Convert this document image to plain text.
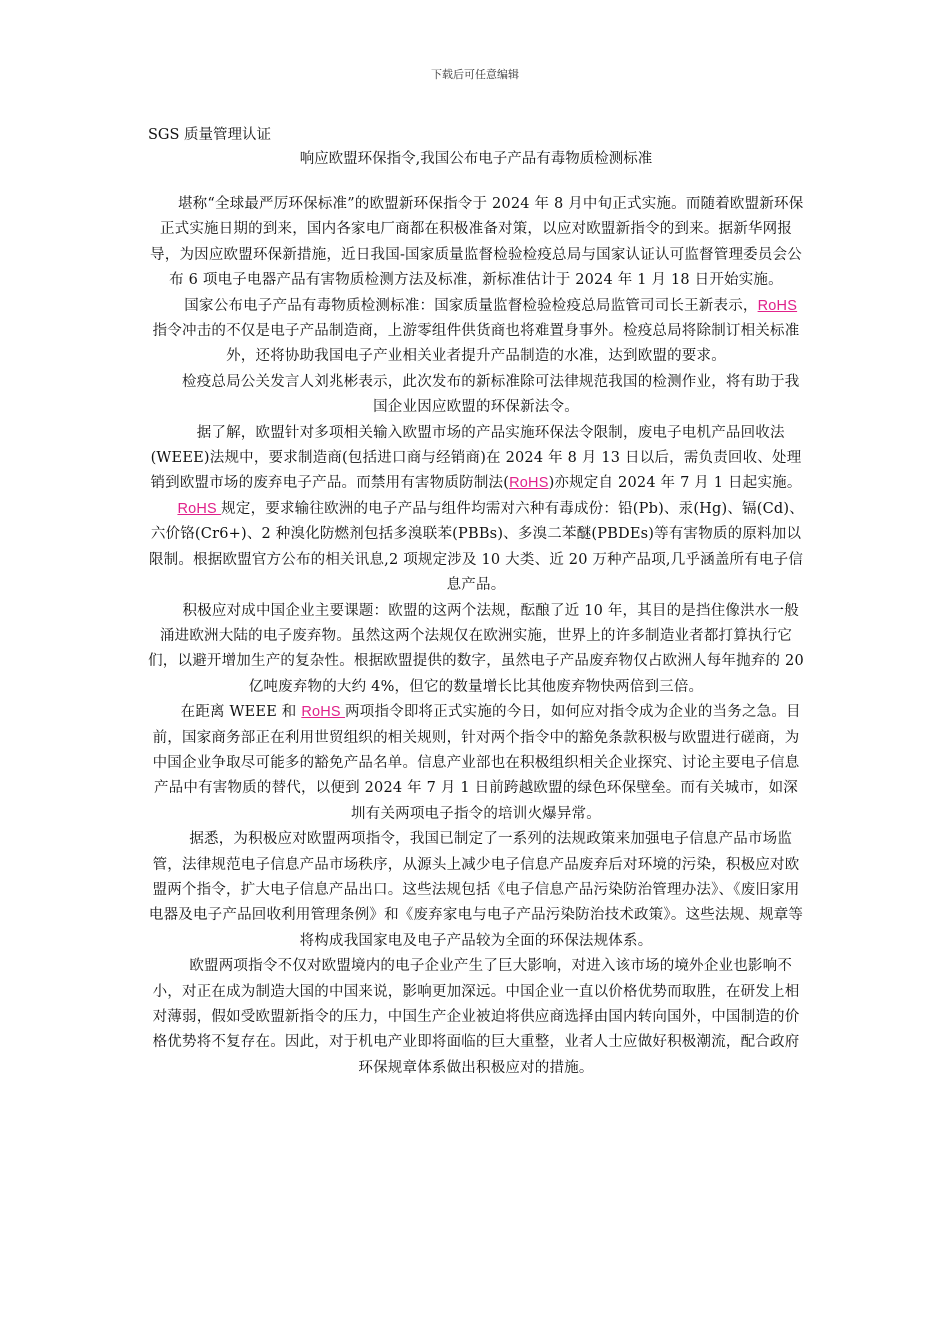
下载后可任意编辑

SGS 质量管理认证

响应欧盟环保指令,我国公布电子产品有毒物质检测标准

　　堪称“全球最严厉环保标准”的欧盟新环保指令于 2024 年 8 月中旬正式实施。而随着欧盟新环保正式实施日期的到来，国内各家电厂商都在积极准备对策，以应对欧盟新指令的到来。据新华网报导，为因应欧盟环保新措施，近日我国-国家质量监督检验检疫总局与国家认证认可监督管理委员会公布 6 项电子电器产品有害物质检测方法及标准，新标准估计于 2024 年 1 月 18 日开始实施。

　　国家公布电子产品有毒物质检测标准：国家质量监督检验检疫总局监管司司长王新表示，RoHS 指令冲击的不仅是电子产品制造商，上游零组件供货商也将难置身事外。检疫总局将除制订相关标准外，还将协助我国电子产业相关业者提升产品制造的水准，达到欧盟的要求。

　　检疫总局公关发言人刘兆彬表示，此次发布的新标准除可法律规范我国的检测作业，将有助于我国企业因应欧盟的环保新法令。

　　据了解，欧盟针对多项相关输入欧盟市场的产品实施环保法令限制，废电子电机产品回收法(WEEE)法规中，要求制造商(包括进口商与经销商)在 2024 年 8 月 13 日以后，需负责回收、处理销到欧盟市场的废弃电子产品。而禁用有害物质防制法(RoHS)亦规定自 2024 年 7 月 1 日起实施。

　　RoHS 规定，要求输往欧洲的电子产品与组件均需对六种有毒成份：铅(Pb)、汞(Hg)、镉(Cd)、六价铬(Cr6+)、2 种溴化防燃剂包括多溴联苯(PBBs)、多溴二苯醚(PBDEs)等有害物质的原料加以限制。根据欧盟官方公布的相关讯息,2 项规定涉及 10 大类、近 20 万种产品项,几乎涵盖所有电子信息产品。

　　积极应对成中国企业主要课题：欧盟的这两个法规，酝酿了近 10 年，其目的是挡住像洪水一般涌进欧洲大陆的电子废弃物。虽然这两个法规仅在欧洲实施，世界上的许多制造业者都打算执行它们，以避开增加生产的复杂性。根据欧盟提供的数字，虽然电子产品废弃物仅占欧洲人每年抛弃的 20 亿吨废弃物的大约 4%，但它的数量增长比其他废弃物快两倍到三倍。

　　在距离 WEEE 和 RoHS 两项指令即将正式实施的今日，如何应对指令成为企业的当务之急。目前，国家商务部正在利用世贸组织的相关规则，针对两个指令中的豁免条款积极与欧盟进行磋商，为中国企业争取尽可能多的豁免产品名单。信息产业部也在积极组织相关企业探究、讨论主要电子信息产品中有害物质的替代，以便到 2024 年 7 月 1 日前跨越欧盟的绿色环保壁垒。而有关城市，如深圳有关两项电子指令的培训火爆异常。

　　据悉，为积极应对欧盟两项指令，我国已制定了一系列的法规政策来加强电子信息产品市场监管，法律规范电子信息产品市场秩序，从源头上减少电子信息产品废弃后对环境的污染，积极应对欧盟两个指令，扩大电子信息产品出口。这些法规包括《电子信息产品污染防治管理办法》、《废旧家用电器及电子产品回收利用管理条例》和《废弃家电与电子产品污染防治技术政策》。这些法规、规章等将构成我国家电及电子产品较为全面的环保法规体系。

　　欧盟两项指令不仅对欧盟境内的电子企业产生了巨大影响，对进入该市场的境外企业也影响不小，对正在成为制造大国的中国来说，影响更加深远。中国企业一直以价格优势而取胜，在研发上相对薄弱，假如受欧盟新指令的压力，中国生产企业被迫将供应商选择由国内转向国外，中国制造的价格优势将不复存在。因此，对于机电产业即将面临的巨大重整，业者人士应做好积极潮流，配合政府环保规章体系做出积极应对的措施。
